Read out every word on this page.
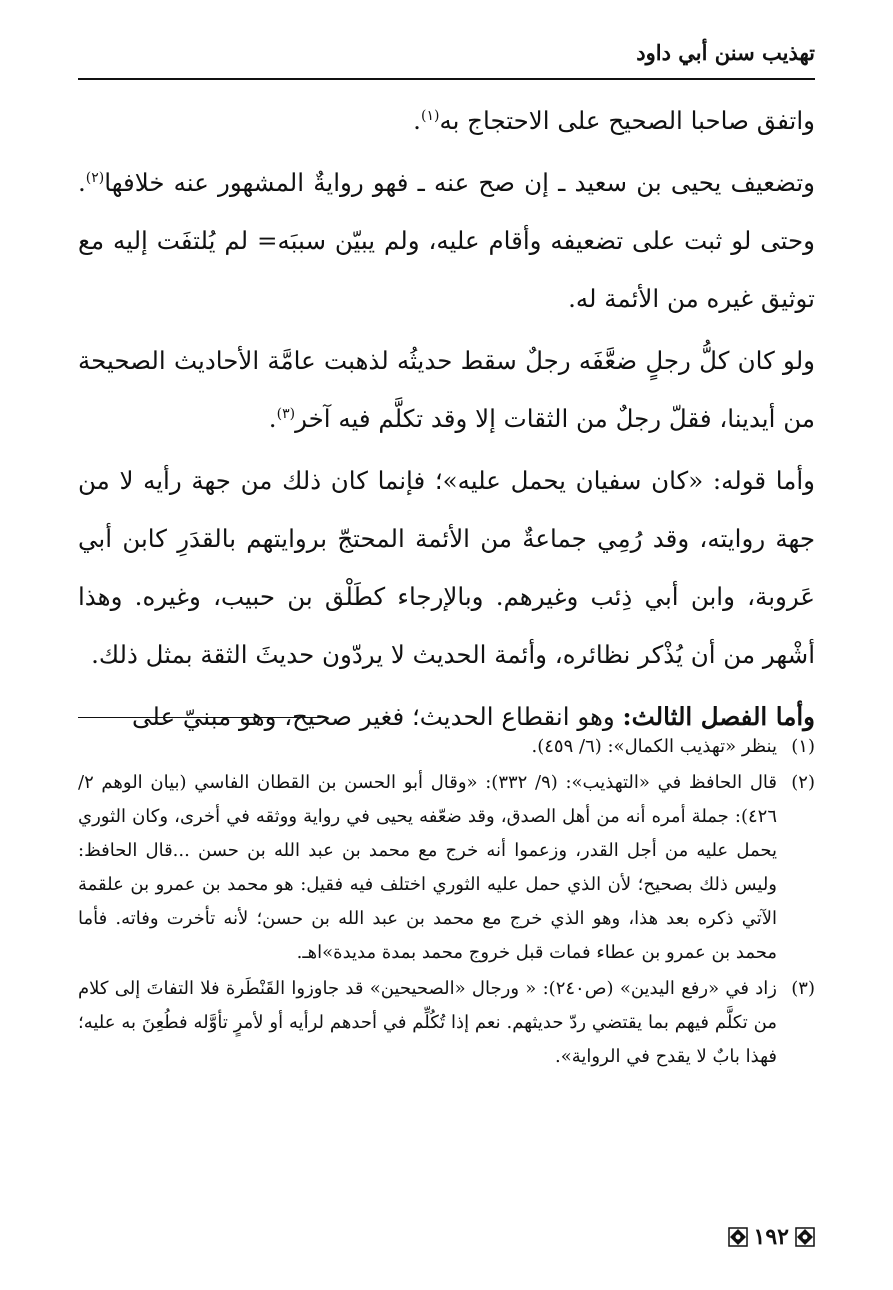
تهذيب سنن أبي داود

واتفق صاحبا الصحيح على الاحتجاج به$^{(١)}$.

وتضعيف يحيى بن سعيد ـ إن صح عنه ـ فهو روايةٌ المشهور عنه خلافها$^{(٢)}$. وحتى لو ثبت على تضعيفه وأقام عليه، ولم يبيّن سببَه= لم يُلتفَت إليه مع توثيق غيره من الأئمة له.

ولو كان كلُّ رجلٍ ضعَّفَه رجلٌ سقط حديثُه لذهبت عامَّة الأحاديث الصحيحة من أيدينا، فقلّ رجلٌ من الثقات إلا وقد تكلَّم فيه آخر$^{(٣)}$.

وأما قوله: «كان سفيان يحمل عليه»؛ فإنما كان ذلك من جهة رأيه لا من جهة روايته، وقد رُمِي جماعةٌ من الأئمة المحتجّ بروايتهم بالقدَرِ كابن أبي عَروبة، وابن أبي ذِئب وغيرهم. وبالإرجاء كطَلْق بن حبيب، وغيره. وهذا أشْهر من أن يُذْكر نظائره، وأئمة الحديث لا يردّون حديثَ الثقة بمثل ذلك.

وأما الفصل الثالث: وهو انقطاع الحديث؛ فغير صحيح، وهو مبنيّ على

(١)
ينظر «تهذيب الكمال»: (٦/ ٤٥٩).
(٢)
قال الحافظ في «التهذيب»: (٩/ ٣٣٢): «وقال أبو الحسن بن القطان الفاسي (بيان الوهم ٢/ ٤٢٦): جملة أمره أنه من أهل الصدق، وقد ضعّفه يحيى في رواية ووثقه في أخرى، وكان الثوري يحمل عليه من أجل القدر، وزعموا أنه خرج مع محمد بن عبد الله بن حسن ...قال الحافظ: وليس ذلك بصحيح؛ لأن الذي حمل عليه الثوري اختلف فيه فقيل: هو محمد بن عمرو بن علقمة الآتي ذكره بعد هذا، وهو الذي خرج مع محمد بن عبد الله بن حسن؛ لأنه تأخرت وفاته. فأما محمد بن عمرو بن عطاء فمات قبل خروج محمد بمدة مديدة»اهـ.
(٣)
زاد في «رفع اليدين» (ص٢٤٠): « ورجال «الصحيحين» قد جاوزوا القَنْطَرة فلا التفاتَ إلى كلام من تكلَّم فيهم بما يقتضي ردّ حديثهم. نعم إذا تُكُلِّم في أحدهم لرأيه أو لأمرٍ تأوَّله فطُعِنَ به عليه؛ فهذا بابٌ لا يقدح في الرواية».
١٩٢
